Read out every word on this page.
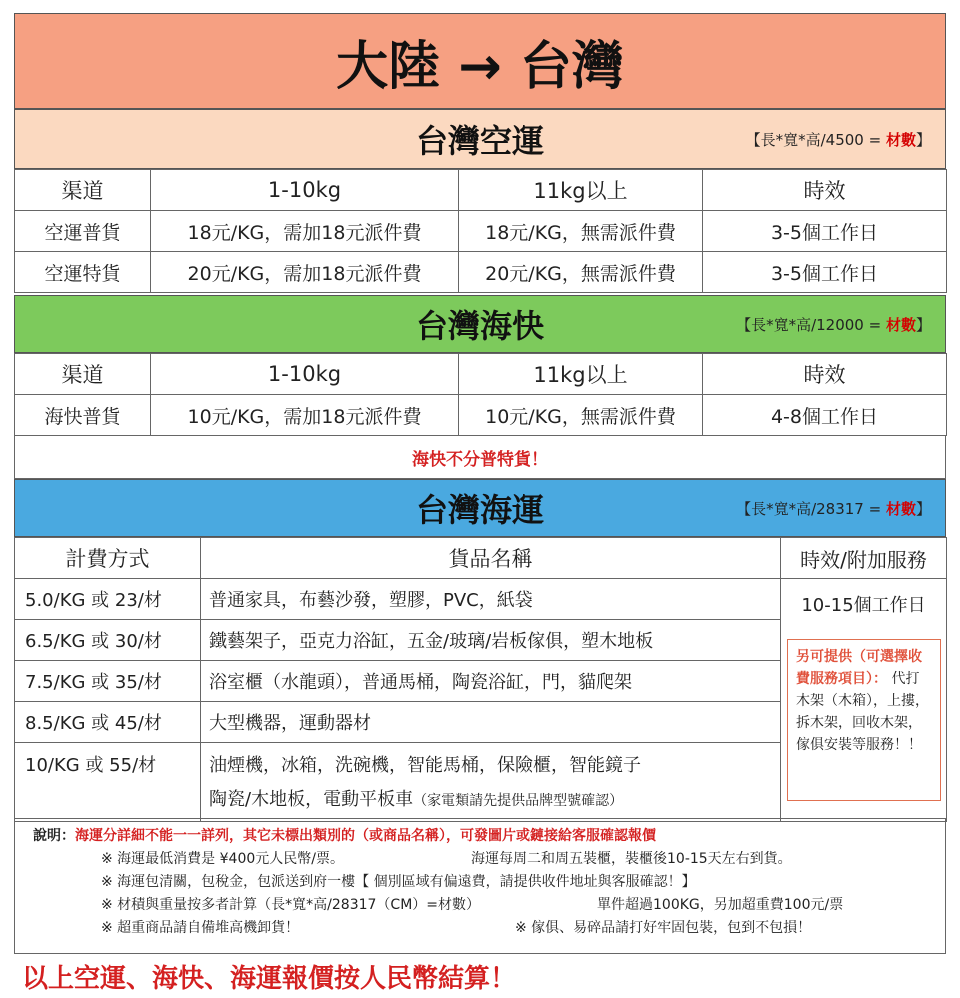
大陸 → 台灣
台灣空運	【長*寬*高/4500 = 材數】
渠道	1-10kg	11kg以上	時效
空運普貨	18元/KG，需加18元派件費	18元/KG，無需派件費	3-5個工作日
空運特貨	20元/KG，需加18元派件費	20元/KG，無需派件費	3-5個工作日
台灣海快	【長*寬*高/12000 = 材數】
渠道	1-10kg	11kg以上	時效
海快普貨	10元/KG，需加18元派件費	10元/KG，無需派件費	4-8個工作日
海快不分普特貨！
台灣海運	【長*寬*高/28317 = 材數】
計費方式	貨品名稱	時效/附加服務
5.0/KG 或 23/材	普通家具，布藝沙發，塑膠，PVC，紙袋	10-15個工作日
另可提供（可選擇收費服務項目）： 代打木架（木箱），上摟，拆木架，回收木架，傢俱安裝等服務！！

6.5/KG 或 30/材	鐵藝架子，亞克力浴缸，五金/玻璃/岩板傢俱，塑木地板	
7.5/KG 或 35/材	浴室櫃（水龍頭），普通馬桶，陶瓷浴缸，門，貓爬架	
8.5/KG 或 45/材	大型機器，運動器材	
10/KG 或 55/材	油煙機，冰箱，洗碗機，智能馬桶，保險櫃，智能鏡子
陶瓷/木地板，電動平板車（家電類請先提供品牌型號確認）	

說明：海運分詳細不能一一詳列，其它未標出類別的（或商品名稱），可發圖片或鏈接給客服確認報價
※ 海運最低消費是 ¥400元人民幣/票。	海運每周二和周五裝櫃，裝櫃後10-15天左右到貨。
※ 海運包清關，包稅金，包派送到府一樓【 個別區域有偏遠費，請提供收件地址與客服確認！】
※ 材積與重量按多者計算（長*寬*高/28317（CM）=材數）	單件超過100KG，另加超重費100元/票
※ 超重商品請自備堆高機卸貨！	※ 傢俱、易碎品請打好牢固包裝，包到不包損！
以上空運、海快、海運報價按人民幣結算！
